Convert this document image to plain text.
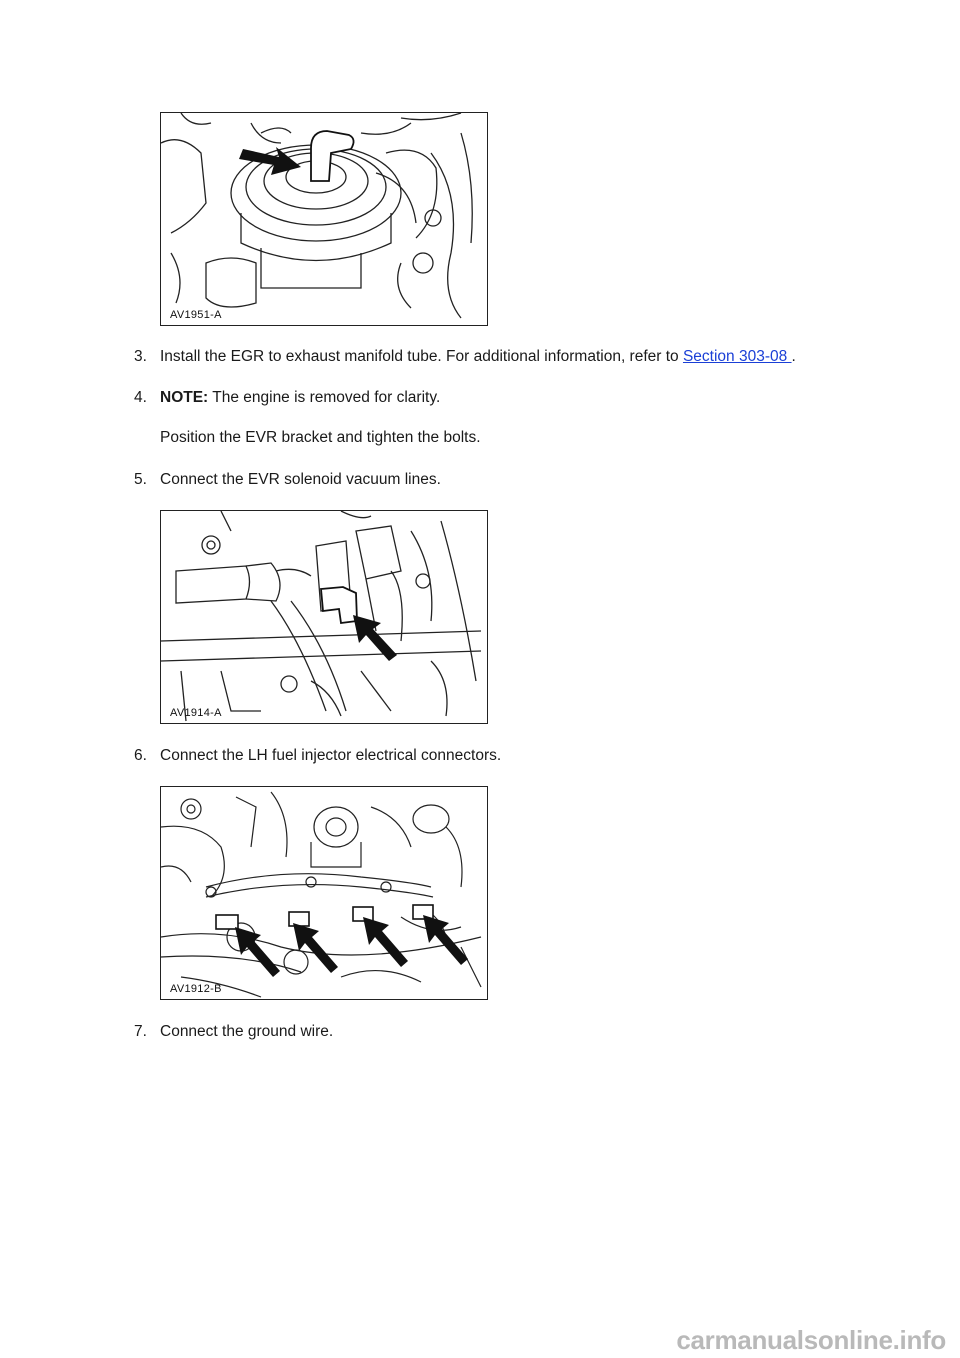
AV1951-A
3. Install the EGR to exhaust manifold tube. For additional information, refer to Section 303-08 .
4. NOTE: The engine is removed for clarity.
Position the EVR bracket and tighten the bolts.
5. Connect the EVR solenoid vacuum lines.
AV1914-A
6. Connect the LH fuel injector electrical connectors.
AV1912-B
7. Connect the ground wire.
carmanualsonline.info
